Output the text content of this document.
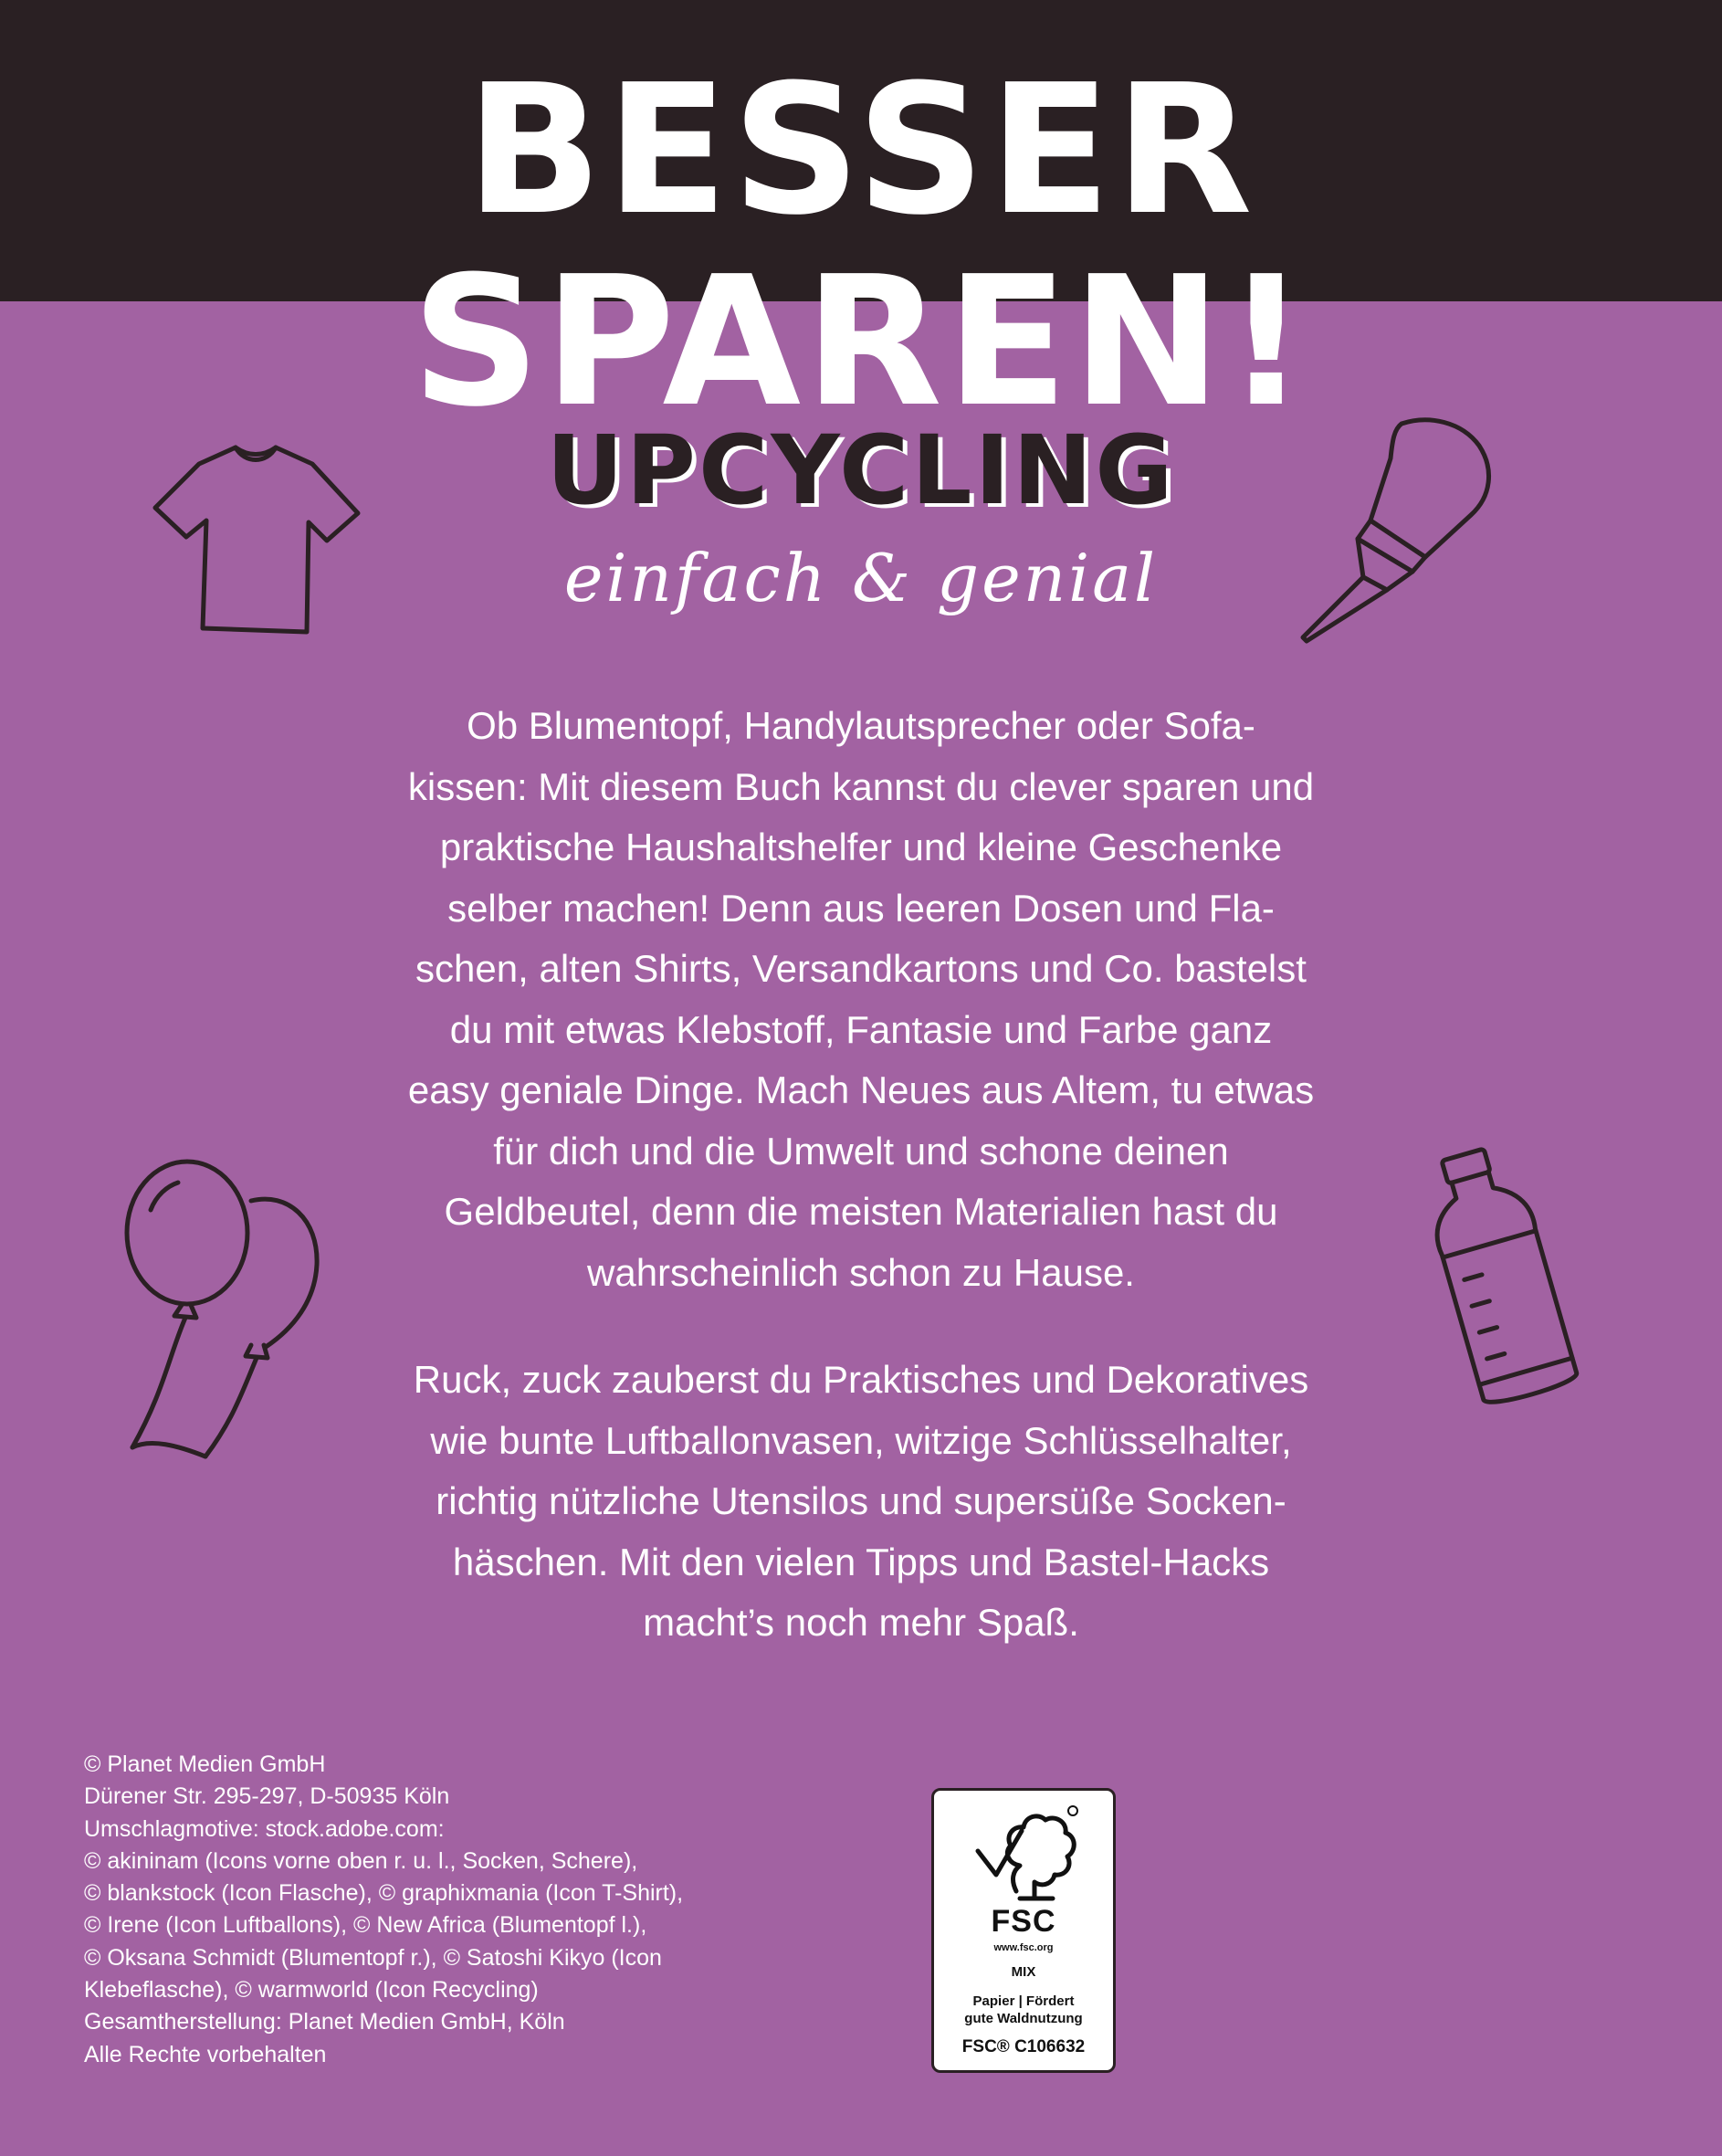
BESSER SPAREN!
UPCYCLING

einfach & genial

Ob Blumentopf, Handylautsprecher oder Sofa-
kissen: Mit diesem Buch kannst du clever sparen und
praktische Haushaltshelfer und kleine Geschenke
selber machen! Denn aus leeren Dosen und Fla-
schen, alten Shirts, Versandkartons und Co. bastelst
du mit etwas Klebstoff, Fantasie und Farbe ganz
easy geniale Dinge. Mach Neues aus Altem, tu etwas
für dich und die Umwelt und schone deinen
Geldbeutel, denn die meisten Materialien hast du
wahrscheinlich schon zu Hause.
Ruck, zuck zauberst du Praktisches und Dekoratives
wie bunte Luftballonvasen, witzige Schlüsselhalter,
richtig nützliche Utensilos und supersüße Socken-
häschen. Mit den vielen Tipps und Bastel-Hacks
macht’s noch mehr Spaß.
© Planet Medien GmbH
Dürener Str. 295-297, D-50935 Köln
Umschlagmotive: stock.adobe.com:
© akininam (Icons vorne oben r. u. l., Socken, Schere),
© blankstock (Icon Flasche), © graphixmania (Icon T-Shirt),
© Irene (Icon Luftballons), © New Africa (Blumentopf l.),
© Oksana Schmidt (Blumentopf r.), © Satoshi Kikyo (Icon
Klebeflasche), © warmworld (Icon Recycling)
Gesamtherstellung: Planet Medien GmbH, Köln
Alle Rechte vorbehalten
FSC
www.fsc.org
MIX
Papier | Fördert
gute Waldnutzung
FSC® C106632
